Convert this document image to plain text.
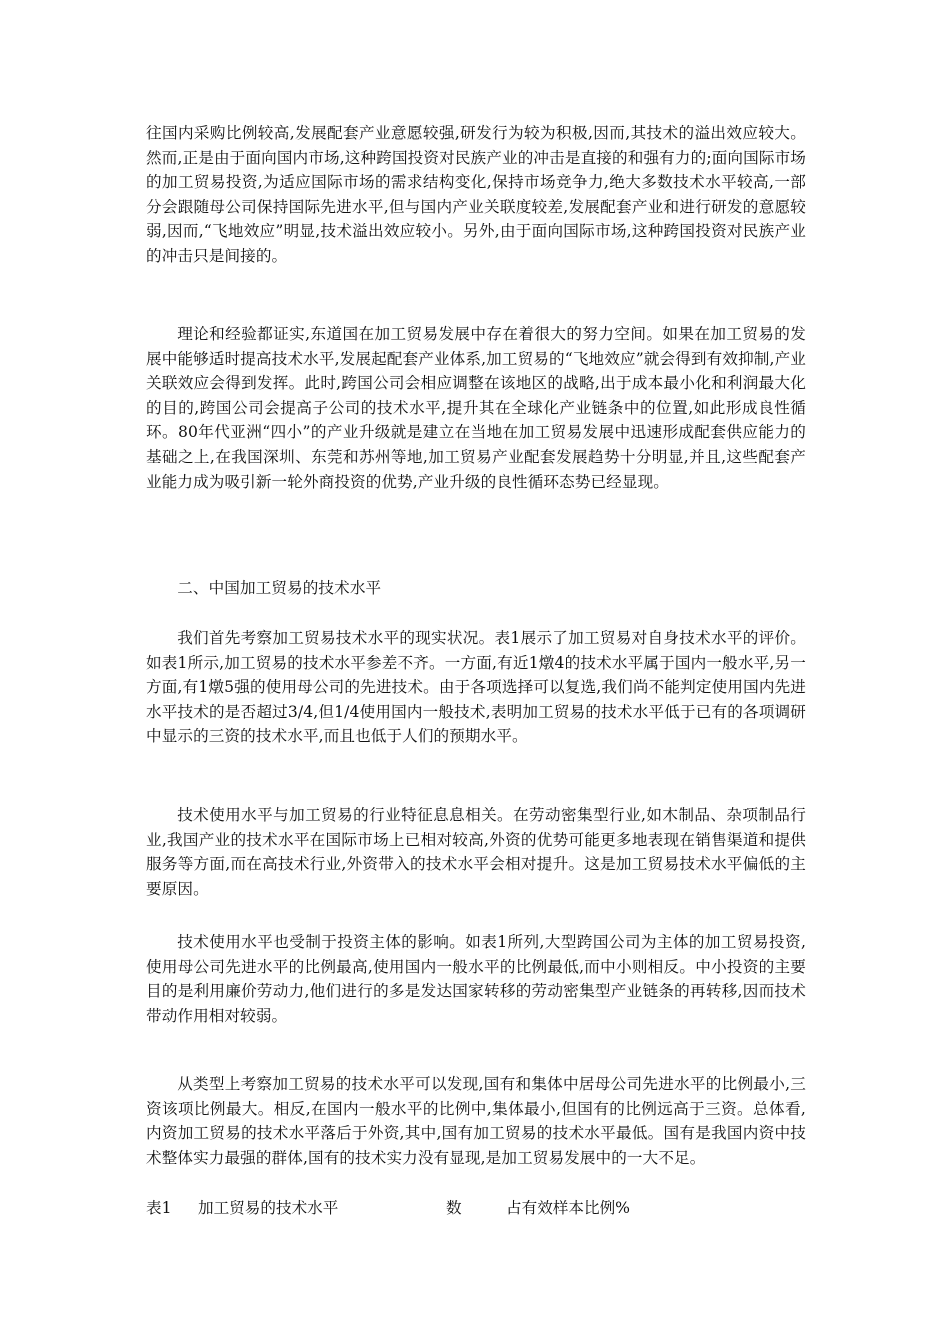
往国内采购比例较高,发展配套产业意愿较强,研发行为较为积极,因而,其技术的溢出效应较大。然而,正是由于面向国内市场,这种跨国投资对民族产业的冲击是直接的和强有力的;面向国际市场的加工贸易投资,为适应国际市场的需求结构变化,保持市场竞争力,绝大多数技术水平较高,一部分会跟随母公司保持国际先进水平,但与国内产业关联度较差,发展配套产业和进行研发的意愿较弱,因而,“飞地效应”明显,技术溢出效应较小。另外,由于面向国际市场,这种跨国投资对民族产业的冲击只是间接的。

理论和经验都证实,东道国在加工贸易发展中存在着很大的努力空间。如果在加工贸易的发展中能够适时提高技术水平,发展起配套产业体系,加工贸易的“飞地效应”就会得到有效抑制,产业关联效应会得到发挥。此时,跨国公司会相应调整在该地区的战略,出于成本最小化和利润最大化的目的,跨国公司会提高子公司的技术水平,提升其在全球化产业链条中的位置,如此形成良性循环。80年代亚洲“四小”的产业升级就是建立在当地在加工贸易发展中迅速形成配套供应能力的基础之上,在我国深圳、东莞和苏州等地,加工贸易产业配套发展趋势十分明显,并且,这些配套产业能力成为吸引新一轮外商投资的优势,产业升级的良性循环态势已经显现。

二、中国加工贸易的技术水平

我们首先考察加工贸易技术水平的现实状况。表1展示了加工贸易对自身技术水平的评价。如表1所示,加工贸易的技术水平参差不齐。一方面,有近1燉4的技术水平属于国内一般水平,另一方面,有1燉5强的使用母公司的先进技术。由于各项选择可以复选,我们尚不能判定使用国内先进水平技术的是否超过3/4,但1/4使用国内一般技术,表明加工贸易的技术水平低于已有的各项调研中显示的三资的技术水平,而且也低于人们的预期水平。

技术使用水平与加工贸易的行业特征息息相关。在劳动密集型行业,如木制品、杂项制品行业,我国产业的技术水平在国际市场上已相对较高,外资的优势可能更多地表现在销售渠道和提供服务等方面,而在高技术行业,外资带入的技术水平会相对提升。这是加工贸易技术水平偏低的主要原因。

技术使用水平也受制于投资主体的影响。如表1所列,大型跨国公司为主体的加工贸易投资,使用母公司先进水平的比例最高,使用国内一般水平的比例最低,而中小则相反。中小投资的主要目的是利用廉价劳动力,他们进行的多是发达国家转移的劳动密集型产业链条的再转移,因而技术带动作用相对较弱。

从类型上考察加工贸易的技术水平可以发现,国有和集体中居母公司先进水平的比例最小,三资该项比例最大。相反,在国内一般水平的比例中,集体最小,但国有的比例远高于三资。总体看,内资加工贸易的技术水平落后于外资,其中,国有加工贸易的技术水平最低。国有是我国内资中技术整体实力最强的群体,国有的技术实力没有显现,是加工贸易发展中的一大不足。

表1 加工贸易的技术水平	数	占有效样本比例%
